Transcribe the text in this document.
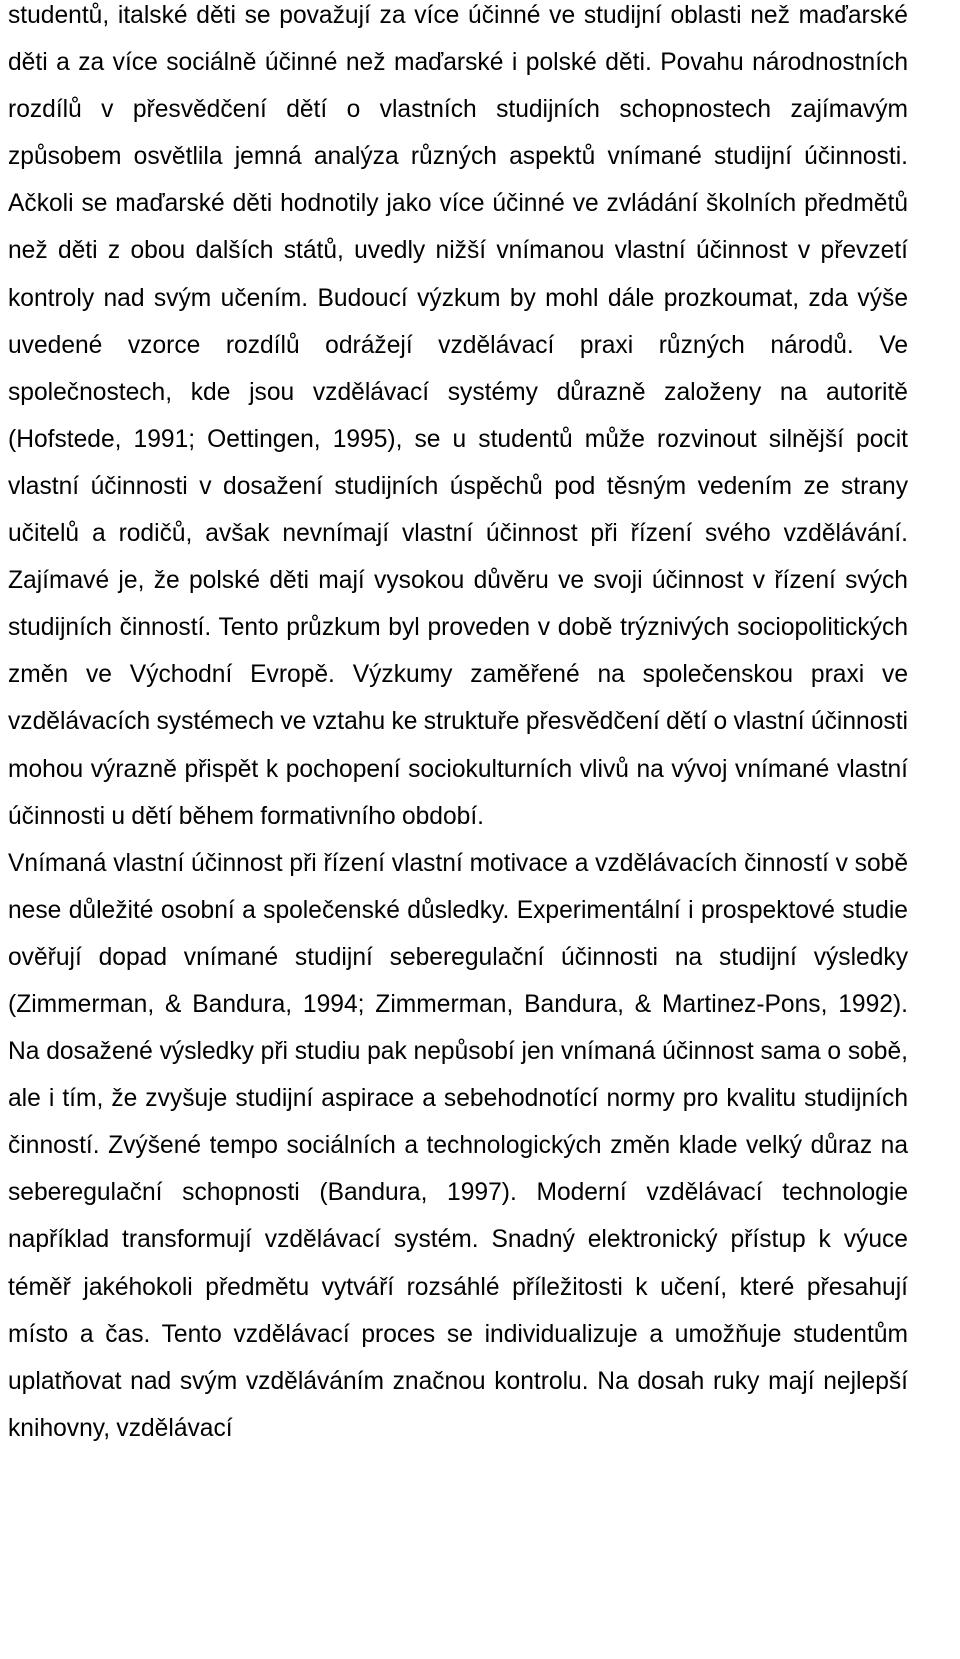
studentů, italské děti se považují za více účinné ve studijní oblasti než maďarské děti a za více sociálně účinné než maďarské i polské děti. Povahu národnostních rozdílů v přesvědčení dětí o vlastních studijních schopnostech zajímavým způsobem osvětlila jemná analýza různých aspektů vnímané studijní účinnosti. Ačkoli se maďarské děti hodnotily jako více účinné ve zvládání školních předmětů než děti z obou dalších států, uvedly nižší vnímanou vlastní účinnost v převzetí kontroly nad svým učením. Budoucí výzkum by mohl dále prozkoumat, zda výše uvedené vzorce rozdílů odrážejí vzdělávací praxi různých národů. Ve společnostech, kde jsou vzdělávací systémy důrazně založeny na autoritě (Hofstede, 1991; Oettingen, 1995), se u studentů může rozvinout silnější pocit vlastní účinnosti v dosažení studijních úspěchů pod těsným vedením ze strany učitelů a rodičů, avšak nevnímají vlastní účinnost při řízení svého vzdělávání. Zajímavé je, že polské děti mají vysokou důvěru ve svoji účinnost v řízení svých studijních činností. Tento průzkum byl proveden v době trýznivých sociopolitických změn ve Východní Evropě. Výzkumy zaměřené na společenskou praxi ve vzdělávacích systémech ve vztahu ke struktuře přesvědčení dětí o vlastní účinnosti mohou výrazně přispět k pochopení sociokulturních vlivů na vývoj vnímané vlastní účinnosti u dětí během formativního období.

Vnímaná vlastní účinnost při řízení vlastní motivace a vzdělávacích činností v sobě nese důležité osobní a společenské důsledky. Experimentální i prospektové studie ověřují dopad vnímané studijní seberegulační účinnosti na studijní výsledky (Zimmerman, & Bandura, 1994; Zimmerman, Bandura, & Martinez-Pons, 1992). Na dosažené výsledky při studiu pak nepůsobí jen vnímaná účinnost sama o sobě, ale i tím, že zvyšuje studijní aspirace a sebehodnotící normy pro kvalitu studijních činností. Zvýšené tempo sociálních a technologických změn klade velký důraz na seberegulační schopnosti (Bandura, 1997). Moderní vzdělávací technologie například transformují vzdělávací systém. Snadný elektronický přístup k výuce téměř jakéhokoli předmětu vytváří rozsáhlé příležitosti k učení, které přesahují místo a čas. Tento vzdělávací proces se individualizuje a umožňuje studentům uplatňovat nad svým vzděláváním značnou kontrolu. Na dosah ruky mají nejlepší knihovny, vzdělávací
